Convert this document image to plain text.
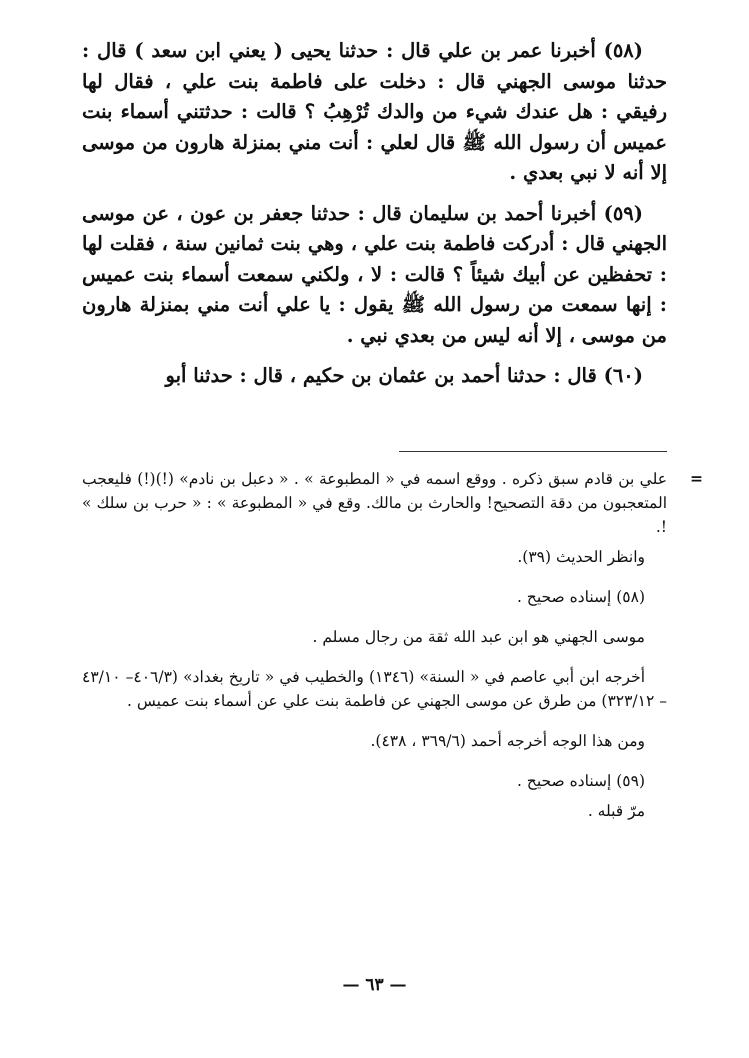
(٥٨) أخبرنا عمر بن علي قال : حدثنا يحيى ( يعني ابن سعد ) قال : حدثنا موسى الجهني قال : دخلت على فاطمة بنت علي ، فقال لها رفيقي : هل عندك شيء من والدك تُرْهِبُ ؟ قالت : حدثتني أسماء بنت عميس أن رسول الله ﷺ قال لعلي : أنت مني بمنزلة هارون من موسى إلا أنه لا نبي بعدي .

(٥٩) أخبرنا أحمد بن سليمان قال : حدثنا جعفر بن عون ، عن موسى الجهني قال : أدركت فاطمة بنت علي ، وهي بنت ثمانين سنة ، فقلت لها : تحفظين عن أبيك شيئاً ؟ قالت : لا ، ولكني سمعت أسماء بنت عميس : إنها سمعت من رسول الله ﷺ يقول : يا علي أنت مني بمنزلة هارون من موسى ، إلا أنه ليس من بعدي نبي .

(٦٠) قال : حدثنا أحمد بن عثمان بن حكيم ، قال : حدثنا أبو

=
علي بن قادم سبق ذكره . ووقع اسمه في « المطبوعة » . « دعبل بن نادم» (!)(!) فليعجب المتعجبون من دقة التصحيح! والحارث بن مالك. وقع في « المطبوعة » : « حرب بن سلك » !.

وانظر الحديث (٣٩).

(٥٨) إسناده صحيح .

موسى الجهني هو ابن عبد الله ثقة من رجال مسلم .

أخرجه ابن أبي عاصم في « السنة» (١٣٤٦) والخطيب في « تاريخ بغداد» (٤٠٦/٣– ٤٣/١٠ – ٣٢٣/١٢) من طرق عن موسى الجهني عن فاطمة بنت علي عن أسماء بنت عميس .

ومن هذا الوجه أخرجه أحمد (٣٦٩/٦ ، ٤٣٨).

(٥٩) إسناده صحيح .

مرّ قبله .

— ٦٣ —
